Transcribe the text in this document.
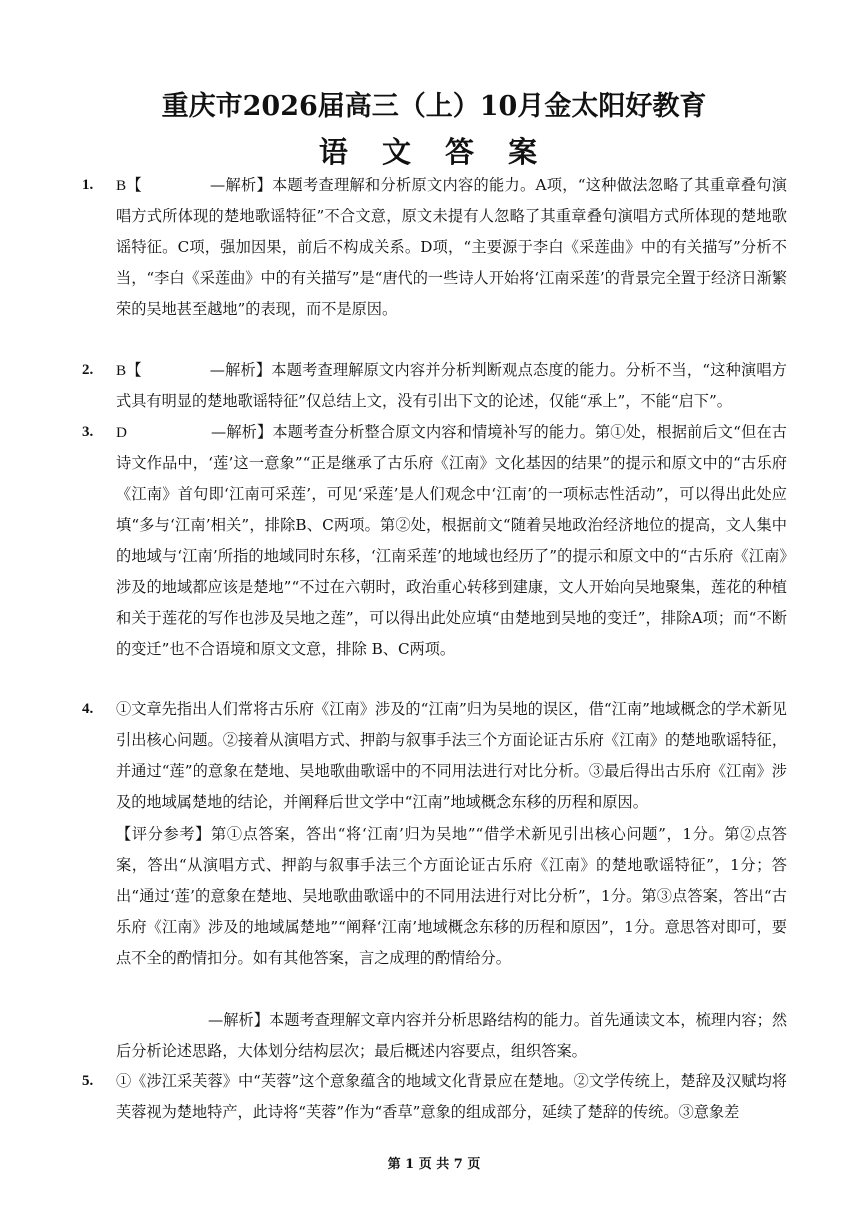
重庆市2026届高三（上）10月金太阳好教育
语 文 答 案
1. B【	—解析】本题考查理解和分析原文内容的能力。A项，“这种做法忽略了其重章叠句演唱方式所体现的楚地歌谣特征”不合文意，原文未提有人忽略了其重章叠句演唱方式所体现的楚地歌谣特征。C项，强加因果，前后不构成关系。D项，“主要源于李白《采莲曲》中的有关描写”分析不当，“李白《采莲曲》中的有关描写”是“唐代的一些诗人开始将‘江南采莲’的背景完全置于经济日渐繁荣的吴地甚至越地”的表现，而不是原因。
2. B【	—解析】本题考查理解原文内容并分析判断观点态度的能力。分析不当，“这种演唱方式具有明显的楚地歌谣特征”仅总结上文，没有引出下文的论述，仅能“承上”，不能“启下”。
3. D	—解析】本题考查分析整合原文内容和情境补写的能力。第①处，根据前后文“但在古诗文作品中，‘莲’这一意象”“正是继承了古乐府《江南》文化基因的结果”的提示和原文中的“古乐府《江南》首句即‘江南可采莲’，可见‘采莲’是人们观念中‘江南’的一项标志性活动”，可以得出此处应填“多与‘江南’相关”，排除B、C两项。第②处，根据前文“随着吴地政治经济地位的提高，文人集中的地域与‘江南’所指的地域同时东移，‘江南采莲’的地域也经历了”的提示和原文中的“古乐府《江南》涉及的地域都应该是楚地”“不过在六朝时，政治重心转移到建康，文人开始向吴地聚集，莲花的种植和关于莲花的写作也涉及吴地之莲”，可以得出此处应填“由楚地到吴地的变迁”，排除A项；而“不断的变迁”也不合语境和原文文意，排除 B、C两项。
4. ①文章先指出人们常将古乐府《江南》涉及的“江南”归为吴地的误区，借“江南”地域概念的学术新见引出核心问题。②接着从演唱方式、押韵与叙事手法三个方面论证古乐府《江南》的楚地歌谣特征，并通过“莲”的意象在楚地、吴地歌曲歌谣中的不同用法进行对比分析。③最后得出古乐府《江南》涉及的地域属楚地的结论，并阐释后世文学中“江南”地域概念东移的历程和原因。
【评分参考】第①点答案，答出“将‘江南’归为吴地”“借学术新见引出核心问题”，1分。第②点答案，答出“从演唱方式、押韵与叙事手法三个方面论证古乐府《江南》的楚地歌谣特征”，1分；答出“通过‘莲’的意象在楚地、吴地歌曲歌谣中的不同用法进行对比分析”，1分。第③点答案，答出“古乐府《江南》涉及的地域属楚地”“阐释‘江南’地域概念东移的历程和原因”，1分。意思答对即可，要点不全的酌情扣分。如有其他答案，言之成理的酌情给分。
—解析】本题考查理解文章内容并分析思路结构的能力。首先通读文本，梳理内容；然后分析论述思路，大体划分结构层次；最后概述内容要点，组织答案。
5. ①《涉江采芙蓉》中“芙蓉”这个意象蕴含的地域文化背景应在楚地。②文学传统上，楚辞及汉赋均将芙蓉视为楚地特产，此诗将“芙蓉”作为“香草”意象的组成部分，延续了楚辞的传统。③意象差
第 1 页 共 7 页
